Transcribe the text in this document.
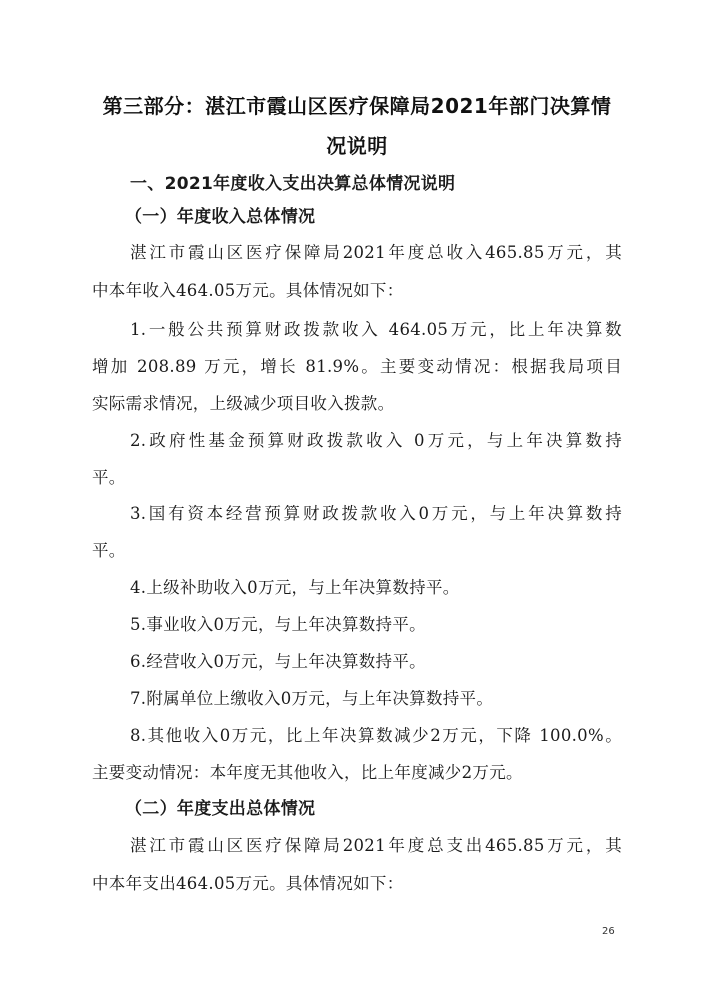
第三部分：湛江市霞山区医疗保障局2021年部门决算情
况说明
一、2021年度收入支出决算总体情况说明
（一）年度收入总体情况
湛江市霞山区医疗保障局2021年度总收入465.85万元，其
中本年收入464.05万元。具体情况如下：
1.一般公共预算财政拨款收入 464.05万元，比上年决算数
增加 208.89 万元，增长 81.9%。主要变动情况：根据我局项目
实际需求情况，上级减少项目收入拨款。
2.政府性基金预算财政拨款收入 0万元，与上年决算数持
平。
3.国有资本经营预算财政拨款收入0万元，与上年决算数持
平。
4.上级补助收入0万元，与上年决算数持平。
5.事业收入0万元，与上年决算数持平。
6.经营收入0万元，与上年决算数持平。
7.附属单位上缴收入0万元，与上年决算数持平。
8.其他收入0万元，比上年决算数减少2万元，下降 100.0%。
主要变动情况：本年度无其他收入，比上年度减少2万元。
（二）年度支出总体情况
湛江市霞山区医疗保障局2021年度总支出465.85万元，其
中本年支出464.05万元。具体情况如下：
26
